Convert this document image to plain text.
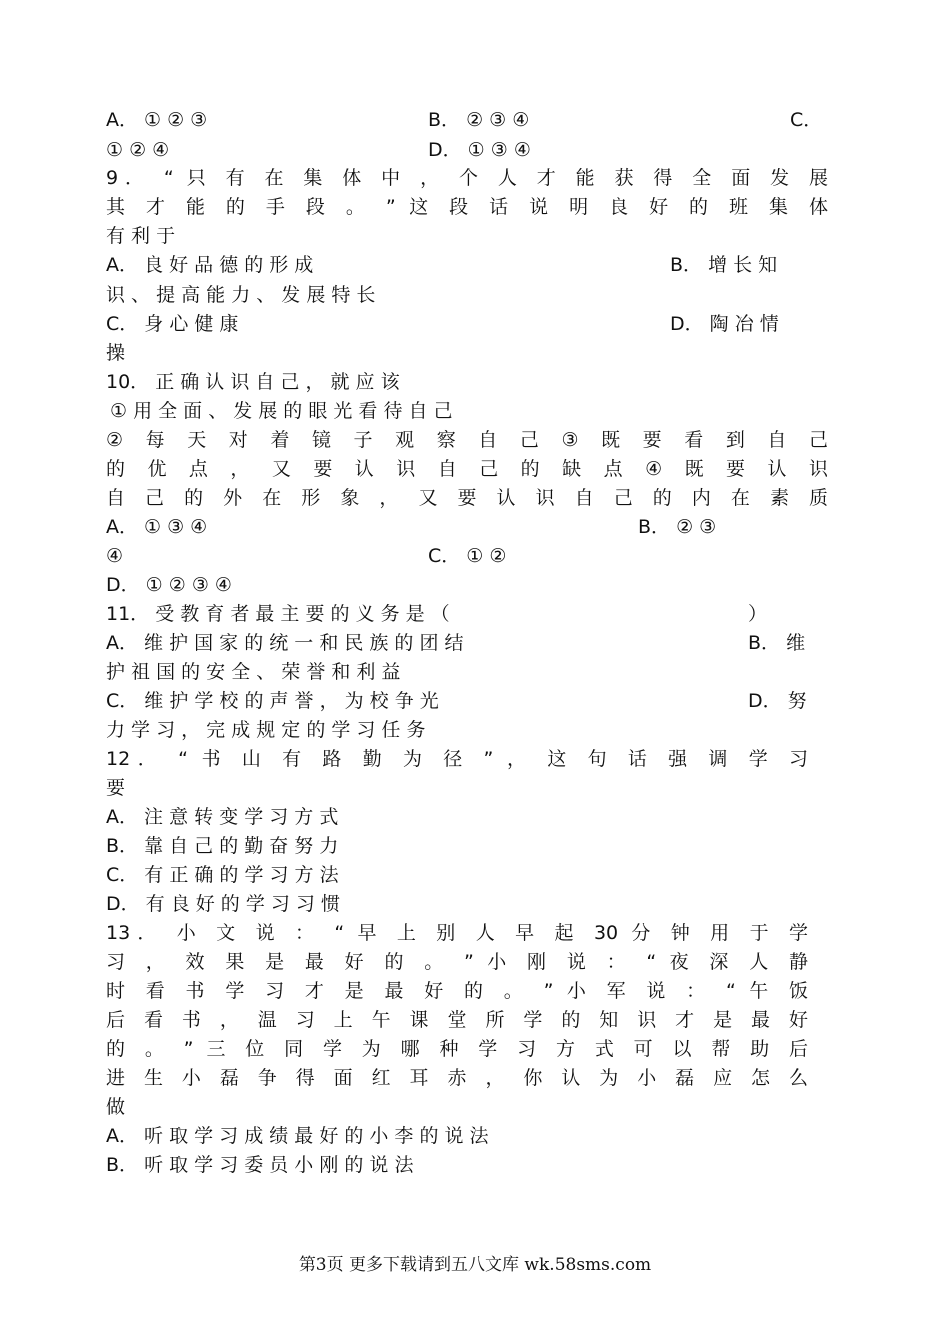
A． ① ② ③	B． ② ③ ④	C．
① ② ④	D． ① ③ ④
9． “ 只 有 在 集 体 中 ， 个 人 才 能 获 得 全 面 发 展
其 才 能 的 手 段 。 ” 这 段 话 说 明 良 好 的 班 集 体
有 利 于
A． 良 好 品 德 的 形 成	B． 增 长 知
识 、 提 高 能 力 、 发 展 特 长
C． 身 心 健 康	D． 陶 冶 情
操
10． 正 确 认 识 自 己 ， 就 应 该
① 用 全 面 、 发 展 的 眼 光 看 待 自 己
② 每 天 对 着 镜 子 观 察 自 己 ③ 既 要 看 到 自 己
的 优 点 ， 又 要 认 识 自 己 的 缺 点 ④ 既 要 认 识
自 己 的 外 在 形 象 ， 又 要 认 识 自 己 的 内 在 素 质
A． ① ③ ④	B． ② ③
④	C． ① ②
D． ① ② ③ ④
11． 受 教 育 者 最 主 要 的 义 务 是 （	）
A． 维 护 国 家 的 统 一 和 民 族 的 团 结	B． 维
护 祖 国 的 安 全 、 荣 誉 和 利 益
C． 维 护 学 校 的 声 誉 ， 为 校 争 光	D． 努
力 学 习 ， 完 成 规 定 的 学 习 任 务
12． “ 书 山 有 路 勤 为 径 ” ， 这 句 话 强 调 学 习
要
A． 注 意 转 变 学 习 方 式
B． 靠 自 己 的 勤 奋 努 力
C． 有 正 确 的 学 习 方 法
D． 有 良 好 的 学 习 习 惯
13． 小 文 说 ： “ 早 上 别 人 早 起 30 分 钟 用 于 学
习 ， 效 果 是 最 好 的 。 ” 小 刚 说 ： “ 夜 深 人 静
时 看 书 学 习 才 是 最 好 的 。 ” 小 军 说 ： “ 午 饭
后 看 书 ， 温 习 上 午 课 堂 所 学 的 知 识 才 是 最 好
的 。 ” 三 位 同 学 为 哪 种 学 习 方 式 可 以 帮 助 后
进 生 小 磊 争 得 面 红 耳 赤 ， 你 认 为 小 磊 应 怎 么
做
A． 听 取 学 习 成 绩 最 好 的 小 李 的 说 法
B． 听 取 学 习 委 员 小 刚 的 说 法
第3页 更多下载请到五八文库 wk.58sms.com
